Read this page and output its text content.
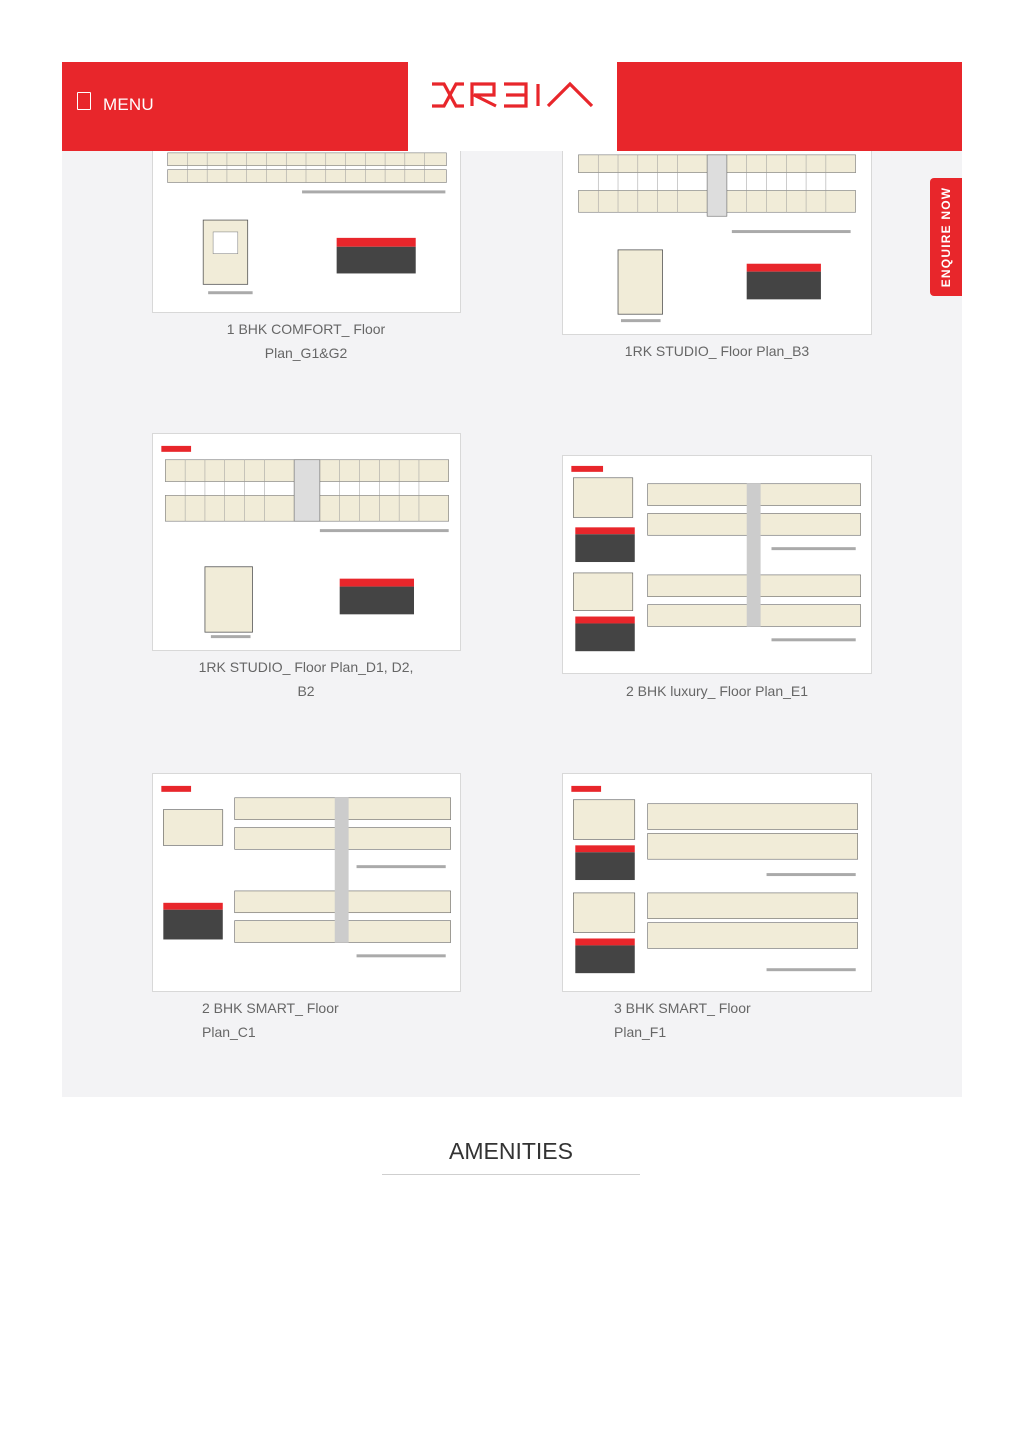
MENU
ENQUIRE NOW
1 BHK COMFORT_ Floor
Plan_G1&G2	1RK STUDIO_ Floor Plan_B3
1RK STUDIO_ Floor Plan_D1, D2,
B2	2 BHK luxury_ Floor Plan_E1
2 BHK SMART_ Floor
Plan_C1
3 BHK SMART_ Floor
Plan_F1
AMENITIES
